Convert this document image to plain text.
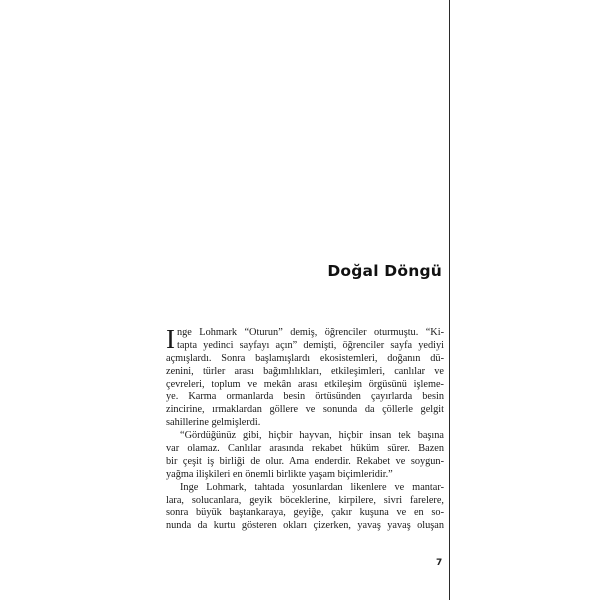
Doğal Döngü
I nge Lohmark “Oturun” demiş, öğrenciler oturmuştu. “Ki-
tapta yedinci sayfayı açın” demişti, öğrenciler sayfa yediyi
açmışlardı. Sonra başlamışlardı ekosistemleri, doğanın dü-
zenini, türler arası bağımlılıkları, etkileşimleri, canlılar ve
çevreleri, toplum ve mekân arası etkileşim örgüsünü işleme-
ye. Karma ormanlarda besin örtüsünden çayırlarda besin
zincirine, ırmaklardan göllere ve sonunda da çöllerle gelgit
sahillerine gelmişlerdi.
“Gördüğünüz gibi, hiçbir hayvan, hiçbir insan tek başına
var olamaz. Canlılar arasında rekabet hüküm sürer. Bazen
bir çeşit iş birliği de olur. Ama enderdir. Rekabet ve soygun-
yağma ilişkileri en önemli birlikte yaşam biçimleridir.”
Inge Lohmark, tahtada yosunlardan likenlere ve mantar-
lara, solucanlara, geyik böceklerine, kirpilere, sivri farelere,
sonra büyük baştankaraya, geyiğe, çakır kuşuna ve en so-
nunda da kurtu gösteren okları çizerken, yavaş yavaş oluşan
7
